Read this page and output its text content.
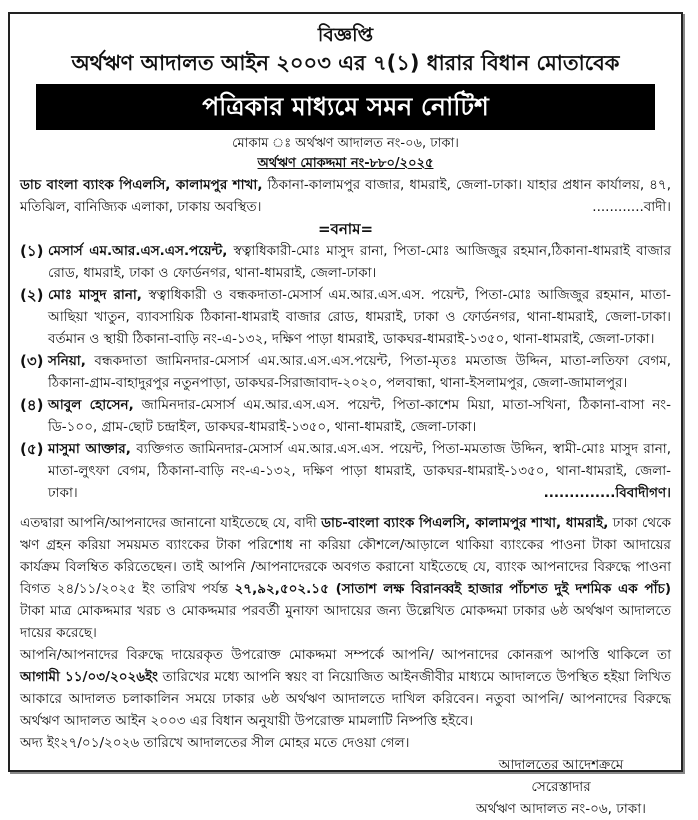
বিজ্ঞপ্তি
অর্থঋণ আদালত আইন ২০০৩ এর ৭(১) ধারার বিধান মোতাবেক
পত্রিকার মাধ্যমে সমন নোটিশ
মোকাম ঃ অর্থঋণ আদালত নং-০৬, ঢাকা।
অর্থঋণ মোকদ্দমা নং-৮৮০/২০২৫

ডাচ বাংলা ব্যাংক পিএলসি, কালামপুর শাখা, ঠিকানা-কালামপুর বাজার, ধামরাই, জেলা-ঢাকা। যাহার প্রধান কার্যালয়, ৪৭, মতিঝিল, বানিজ্যিক এলাকা, ঢাকায় অবস্থিত।	............বাদী।

=বনাম=
(১) মেসার্স এম.আর.এস.এস.পয়েন্ট, স্বত্বাধিকারী-মোঃ মাসুদ রানা, পিতা-মোঃ আজিজুর রহমান,ঠিকানা-ধামরাই বাজার রোড, ধামরাই, ঢাকা ও ফোর্ডনগর, থানা-ধামরাই, জেলা-ঢাকা।

(২) মোঃ মাসুদ রানা, স্বত্বাধিকারী ও বন্ধকদাতা-মেসার্স এম.আর.এস.এস. পয়েন্ট, পিতা-মোঃ আজিজুর রহমান, মাতা-আছিয়া খাতুন, ব্যাবসায়িক ঠিকানা-ধামরাই বাজার রোড, ধামরাই, ঢাকা ও ফোর্ডনগর, থানা-ধামরাই, জেলা-ঢাকা। বর্তমান ও স্থায়ী ঠিকানা-বাড়ি নং-এ-১৩২, দক্ষিণ পাড়া ধামরাই, ডাকঘর-ধামরাই-১৩৫০, থানা-ধামরাই, জেলা-ঢাকা।

(৩) সনিয়া, বন্ধকদাতা জামিনদার-মেসার্স এম.আর.এস.এস.পয়েন্ট, পিতা-মৃতঃ মমতাজ উদ্দিন, মাতা-লতিফা বেগম, ঠিকানা-গ্রাম-বাহাদুরপুর নতুনপাড়া, ডাকঘর-সিরাজাবাদ-২০২০, পলবান্ধা, থানা-ইসলামপুর, জেলা-জামালপুর।

(৪) আবুল হোসেন, জামিনদার-মেসার্স এম.আর.এস.এস. পয়েন্ট, পিতা-কাশেম মিয়া, মাতা-সখিনা, ঠিকানা-বাসা নং-ডি-১০০, গ্রাম-ছোট চন্দ্রাইল, ডাকঘর-ধামরাই-১৩৫০, থানা-ধামরাই, জেলা-ঢাকা।

(৫) মাসুমা আক্তার, ব্যক্তিগত জামিনদার-মেসার্স এম.আর.এস.এস. পয়েন্ট, পিতা-মমতাজ উদ্দিন, স্বামী-মোঃ মাসুদ রানা, মাতা-লুৎফা বেগম, ঠিকানা-বাড়ি নং-এ-১৩২, দক্ষিণ পাড়া ধামরাই, ডাকঘর-ধামরাই-১৩৫০, থানা-ধামরাই, জেলা-ঢাকা।	..............বিবাদীগণ।

এতদ্বারা আপনি/আপনাদের জানানো যাইতেছে যে, বাদী ডাচ-বাংলা ব্যাংক পিএলসি, কালামপুর শাখা, ধামরাই, ঢাকা থেকে ঋণ গ্রহন করিয়া সময়মত ব্যাংকের টাকা পরিশোধ না করিয়া কৌশলে/আড়ালে থাকিয়া ব্যাংকের পাওনা টাকা আদায়ের কার্যক্রম বিলম্বিত করিতেছেন। তাই আপনি /আপনাদেরকে অবগত করানো যাইতেছে যে, ব্যাংক আপনাদের বিরুদ্ধে পাওনা বিগত ২৪/১১/২০২৫ ইং তারিখ পর্যন্ত ২৭,৯২,৫০২.১৫ (সাতাশ লক্ষ বিরানব্বই হাজার পাঁচশত দুই দশমিক এক পাঁচ) টাকা মাত্র মোকদ্দমার খরচ ও মোকদ্দমার পরবর্তী মুনাফা আদায়ের জন্য উল্লেখিত মোকদ্দমা ঢাকার ৬ষ্ঠ অর্থঋণ আদালতে দায়ের করেছে।

আপনি/আপনাদের বিরুদ্ধে দায়েরকৃত উপরোক্ত মোকদ্দমা সম্পর্কে আপনি/ আপনাদের কোনরূপ আপত্তি থাকিলে তা আগামী ১১/০৩/২০২৬ইং তারিখের মধ্যে আপনি স্বয়ং বা নিয়োজিত আইনজীবীর মাধ্যমে আদালতে উপস্থিত হইয়া লিখিত আকারে আদালত চলাকালিন সময়ে ঢাকার ৬ষ্ঠ অর্থঋণ আদালতে দাখিল করিবেন। নতুবা আপনি/ আপনাদের বিরুদ্ধে অর্থঋণ আদালত আইন ২০০৩ এর বিধান অনুযায়ী উপরোক্ত মামলাটি নিষ্পত্তি হইবে।

অদ্য ইং২৭/০১/২০২৬ তারিখে আদালতের সীল মোহর মতে দেওয়া গেল।

আদালতের আদেশক্রমে
সেরেস্তাদার
অর্থঋণ আদালত নং-০৬, ঢাকা।
